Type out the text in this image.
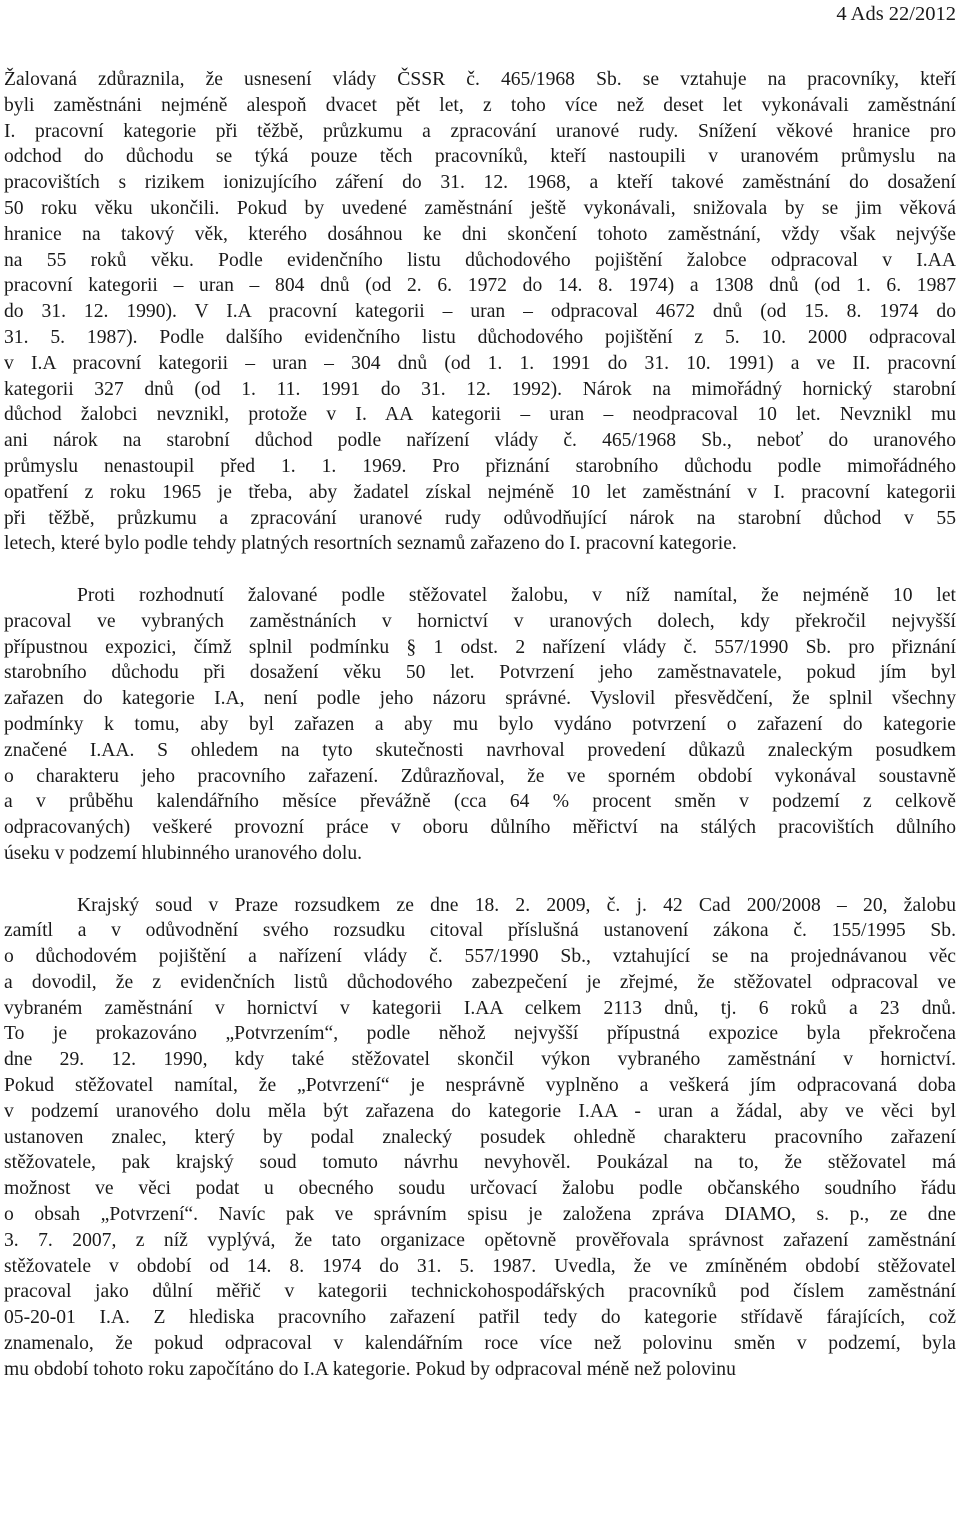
4 Ads 22/2012
Žalovaná zdůraznila, že usnesení vlády ČSSR č. 465/1968 Sb. se vztahuje na pracovníky, kteří
byli zaměstnáni nejméně alespoň dvacet pět let, z toho více než deset let vykonávali zaměstnání
I. pracovní kategorie při těžbě, průzkumu a zpracování uranové rudy. Snížení věkové hranice pro
odchod do důchodu se týká pouze těch pracovníků, kteří nastoupili v uranovém průmyslu na
pracovištích s rizikem ionizujícího záření do 31. 12. 1968, a kteří takové zaměstnání do dosažení
50 roku věku ukončili. Pokud by uvedené zaměstnání ještě vykonávali, snižovala by se jim věková
hranice na takový věk, kterého dosáhnou ke dni skončení tohoto zaměstnání, vždy však nejvýše
na 55 roků věku. Podle evidenčního listu důchodového pojištění žalobce odpracoval v I.AA
pracovní kategorii – uran – 804 dnů (od 2. 6. 1972 do 14. 8. 1974) a 1308 dnů (od 1. 6. 1987
do 31. 12. 1990). V I.A pracovní kategorii – uran – odpracoval 4672 dnů (od 15. 8. 1974 do
31. 5. 1987). Podle dalšího evidenčního listu důchodového pojištění z 5. 10. 2000 odpracoval
v I.A pracovní kategorii – uran – 304 dnů (od 1. 1. 1991 do 31. 10. 1991) a ve II. pracovní
kategorii 327 dnů (od 1. 11. 1991 do 31. 12. 1992). Nárok na mimořádný hornický starobní
důchod žalobci nevznikl, protože v I. AA kategorii – uran – neodpracoval 10 let. Nevznikl mu
ani nárok na starobní důchod podle nařízení vlády č. 465/1968 Sb., neboť do uranového
průmyslu nenastoupil před 1. 1. 1969. Pro přiznání starobního důchodu podle mimořádného
opatření z roku 1965 je třeba, aby žadatel získal nejméně 10 let zaměstnání v I. pracovní kategorii
při těžbě, průzkumu a zpracování uranové rudy odůvodňující nárok na starobní důchod v 55
letech, které bylo podle tehdy platných resortních seznamů zařazeno do I. pracovní kategorie.
Proti rozhodnutí žalované podle stěžovatel žalobu, v níž namítal, že nejméně 10 let
pracoval ve vybraných zaměstnáních v hornictví v uranových dolech, kdy překročil nejvyšší
přípustnou expozici, čímž splnil podmínku § 1 odst. 2 nařízení vlády č. 557/1990 Sb. pro přiznání
starobního důchodu při dosažení věku 50 let. Potvrzení jeho zaměstnavatele, pokud jím byl
zařazen do kategorie I.A, není podle jeho názoru správné. Vyslovil přesvědčení, že splnil všechny
podmínky k tomu, aby byl zařazen a aby mu bylo vydáno potvrzení o zařazení do kategorie
značené I.AA. S ohledem na tyto skutečnosti navrhoval provedení důkazů znaleckým posudkem
o charakteru jeho pracovního zařazení. Zdůrazňoval, že ve sporném období vykonával soustavně
a v průběhu kalendářního měsíce převážně (cca 64 % procent směn v podzemí z celkově
odpracovaných) veškeré provozní práce v oboru důlního měřictví na stálých pracovištích důlního
úseku v podzemí hlubinného uranového dolu.
Krajský soud v Praze rozsudkem ze dne 18. 2. 2009, č. j. 42 Cad 200/2008 – 20, žalobu
zamítl a v odůvodnění svého rozsudku citoval příslušná ustanovení zákona č. 155/1995 Sb.
o důchodovém pojištění a nařízení vlády č. 557/1990 Sb., vztahující se na projednávanou věc
a dovodil, že z evidenčních listů důchodového zabezpečení je zřejmé, že stěžovatel odpracoval ve
vybraném zaměstnání v hornictví v kategorii I.AA celkem 2113 dnů, tj. 6 roků a 23 dnů.
To je prokazováno „Potvrzením“, podle něhož nejvyšší přípustná expozice byla překročena
dne 29. 12. 1990, kdy také stěžovatel skončil výkon vybraného zaměstnání v hornictví.
Pokud stěžovatel namítal, že „Potvrzení“ je nesprávně vyplněno a veškerá jím odpracovaná doba
v podzemí uranového dolu měla být zařazena do kategorie I.AA - uran a žádal, aby ve věci byl
ustanoven znalec, který by podal znalecký posudek ohledně charakteru pracovního zařazení
stěžovatele, pak krajský soud tomuto návrhu nevyhověl. Poukázal na to, že stěžovatel má
možnost ve věci podat u obecného soudu určovací žalobu podle občanského soudního řádu
o obsah „Potvrzení“. Navíc pak ve správním spisu je založena zpráva DIAMO, s. p., ze dne
3. 7. 2007, z níž vyplývá, že tato organizace opětovně prověřovala správnost zařazení zaměstnání
stěžovatele v období od 14. 8. 1974 do 31. 5. 1987. Uvedla, že ve zmíněném období stěžovatel
pracoval jako důlní měřič v kategorii technickohospodářských pracovníků pod číslem zaměstnání
05-20-01 I.A. Z hlediska pracovního zařazení patřil tedy do kategorie střídavě fárajících, což
znamenalo, že pokud odpracoval v kalendářním roce více než polovinu směn v podzemí, byla
mu období tohoto roku započítáno do I.A kategorie. Pokud by odpracoval méně než polovinu
